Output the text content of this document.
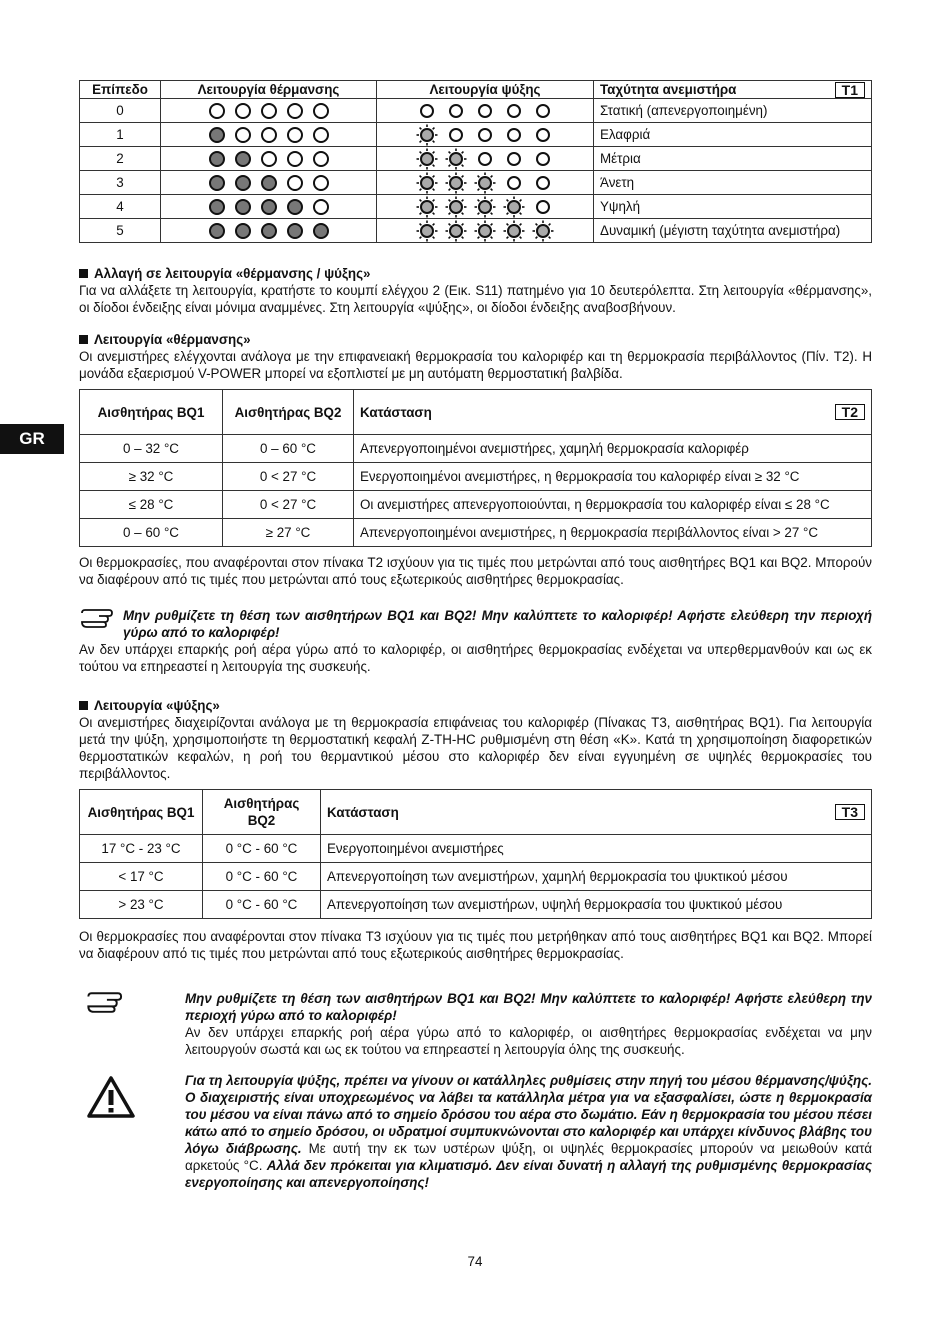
GR
Επίπεδο	Λειτουργία θέρμανσης	Λειτουργία ψύξης	Ταχύτητα ανεμιστήρα T1

0			Στατική (απενεργοποιημένη)
1			Ελαφριά
2			Μέτρια
3			Άνετη
4			Υψηλή
5			Δυναμική (μέγιστη ταχύτητα ανεμιστήρα)
Αλλαγή σε λειτουργία «θέρμανσης / ψύξης»

Για να αλλάξετε τη λειτουργία, κρατήστε το κουμπί ελέγχου 2 (Εικ. S11) πατημένο για 10 δευτερόλεπτα. Στη λειτουργία «θέρμανσης», οι δίοδοι ένδειξης είναι μόνιμα αναμμένες. Στη λειτουργία «ψύξης», οι δίοδοι ένδειξης αναβοσβήνουν.

Λειτουργία «θέρμανσης»

Οι ανεμιστήρες ελέγχονται ανάλογα με την επιφανειακή θερμοκρασία του καλοριφέρ και τη θερμοκρασία περιβάλλοντος (Πίν. T2). Η μονάδα εξαερισμού V-POWER μπορεί να εξοπλιστεί με μη αυτόματη θερμοστατική βαλβίδα.

Αισθητήρας BQ1	Αισθητήρας BQ2	Κατάσταση T2

0 – 32 °C	0 – 60 °C	Απενεργοποιημένοι ανεμιστήρες, χαμηλή θερμοκρασία καλοριφέρ
≥ 32 °C	0 < 27 °C	Ενεργοποιημένοι ανεμιστήρες, η θερμοκρασία του καλοριφέρ είναι ≥ 32 °C
≤ 28 °C	0 < 27 °C	Οι ανεμιστήρες απενεργοποιούνται, η θερμοκρασία του καλοριφέρ είναι ≤ 28 °C
0 – 60 °C	≥ 27 °C	Απενεργοποιημένοι ανεμιστήρες, η θερμοκρασία περιβάλλοντος είναι > 27 °C

Οι θερμοκρασίες, που αναφέρονται στον πίνακα T2 ισχύουν για τις τιμές που μετρώνται από τους αισθητήρες BQ1 και BQ2. Μπορούν να διαφέρουν από τις τιμές που μετρώνται από τους εξωτερικούς αισθητήρες θερμοκρασίας.

Μην ρυθμίζετε τη θέση των αισθητήρων BQ1 και BQ2! Μην καλύπτετε το καλοριφέρ! Αφήστε ελεύθερη την περιοχή γύρω από το καλοριφέρ!

Αν δεν υπάρχει επαρκής ροή αέρα γύρω από το καλοριφέρ, οι αισθητήρες θερμοκρασίας ενδέχεται να υπερθερμανθούν και ως εκ τούτου να επηρεαστεί η λειτουργία της συσκευής.

Λειτουργία «ψύξης»

Οι ανεμιστήρες διαχειρίζονται ανάλογα με τη θερμοκρασία επιφάνειας του καλοριφέρ (Πίνακας T3, αισθητήρας BQ1). Για λειτουργία μετά την ψύξη, χρησιμοποιήστε τη θερμοστατική κεφαλή Z-TH-HC ρυθμισμένη στη θέση «K». Κατά τη χρησιμοποίηση διαφορετικών θερμοστατικών κεφαλών, η ροή του θερμαντικού μέσου στο καλοριφέρ δεν είναι εγγυημένη σε υψηλές θερμοκρασίες του περιβάλλοντος.

Αισθητήρας BQ1	Αισθητήρας BQ2	Κατάσταση T3

17 °C - 23 °C	0 °C - 60 °C	Ενεργοποιημένοι ανεμιστήρες
< 17 °C	0 °C - 60 °C	Απενεργοποίηση των ανεμιστήρων, χαμηλή θερμοκρασία του ψυκτικού μέσου
> 23 °C	0 °C - 60 °C	Απενεργοποίηση των ανεμιστήρων, υψηλή θερμοκρασία του ψυκτικού μέσου

Οι θερμοκρασίες που αναφέρονται στον πίνακα T3 ισχύουν για τις τιμές που μετρήθηκαν από τους αισθητήρες BQ1 και BQ2. Μπορεί να διαφέρουν από τις τιμές που μετρώνται από τους εξωτερικούς αισθητήρες θερμοκρασίας.

Μην ρυθμίζετε τη θέση των αισθητήρων BQ1 και BQ2! Μην καλύπτετε το καλοριφέρ! Αφήστε ελεύθερη την περιοχή γύρω από το καλοριφέρ!

Αν δεν υπάρχει επαρκής ροή αέρα γύρω από το καλοριφέρ, οι αισθητήρες θερμοκρασίας ενδέχεται να μην λειτουργούν σωστά και ως εκ τούτου να επηρεαστεί η λειτουργία όλης της συσκευής.

Για τη λειτουργία ψύξης, πρέπει να γίνουν οι κατάλληλες ρυθμίσεις στην πηγή του μέσου θέρμανσης/ψύξης. Ο διαχειριστής είναι υποχρεωμένος να λάβει τα κατάλληλα μέτρα για να εξασφαλίσει, ώστε η θερμοκρασία του μέσου να είναι πάνω από το σημείο δρόσου του αέρα στο δωμάτιο. Εάν η θερμοκρασία του μέσου πέσει κάτω από το σημείο δρόσου, οι υδρατμοί συμπυκνώνονται στο καλοριφέρ και υπάρχει κίνδυνος βλάβης του λόγω διάβρωσης. Με αυτή την εκ των υστέρων ψύξη, οι υψηλές θερμοκρασίες μπορούν να μειωθούν κατά αρκετούς °C. Αλλά δεν πρόκειται για κλιματισμό. Δεν είναι δυνατή η αλλαγή της ρυθμισμένης θερμοκρασίας ενεργοποίησης και απενεργοποίησης!

74
